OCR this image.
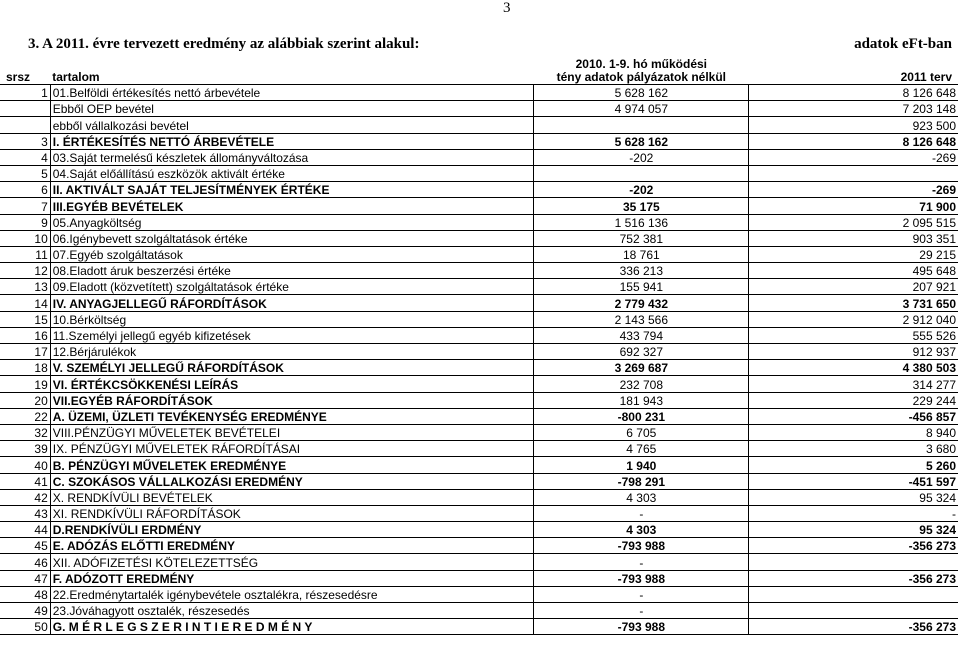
3
3. A 2011. évre tervezett eredmény az alábbiak szerint alakul:	adatok eFt-ban
srsz	tartalom	2010. 1-9. hó működési
tény adatok pályázatok nélkül	2011 terv
1	01.Belföldi értékesítés nettó árbevétele	5 628 162	8 126 648
	Ebből OEP bevétel	4 974 057	7 203 148
	ebből vállalkozási bevétel		923 500
3	I. ÉRTÉKESÍTÉS NETTÓ ÁRBEVÉTELE	5 628 162	8 126 648
4	03.Saját termelésű készletek állományváltozása	-202	-269
5	04.Saját előállítású eszközök aktivált értéke		
6	II. AKTIVÁLT SAJÁT TELJESÍTMÉNYEK ÉRTÉKE	-202	-269
7	III.EGYÉB BEVÉTELEK	35 175	71 900
9	05.Anyagköltség	1 516 136	2 095 515
10	06.Igénybevett szolgáltatások értéke	752 381	903 351
11	07.Egyéb szolgáltatások	18 761	29 215
12	08.Eladott áruk beszerzési értéke	336 213	495 648
13	09.Eladott (közvetített) szolgáltatások értéke	155 941	207 921
14	IV. ANYAGJELLEGŰ RÁFORDÍTÁSOK	2 779 432	3 731 650
15	10.Bérköltség	2 143 566	2 912 040
16	11.Személyi jellegű egyéb kifizetések	433 794	555 526
17	12.Bérjárulékok	692 327	912 937
18	V. SZEMÉLYI JELLEGŰ RÁFORDÍTÁSOK	3 269 687	4 380 503
19	VI. ÉRTÉKCSÖKKENÉSI LEÍRÁS	232 708	314 277
20	VII.EGYÉB RÁFORDÍTÁSOK	181 943	229 244
22	A. ÜZEMI, ÜZLETI TEVÉKENYSÉG EREDMÉNYE	-800 231	-456 857
32	VIII.PÉNZÜGYI MŰVELETEK BEVÉTELEI	6 705	8 940
39	IX. PÉNZÜGYI MŰVELETEK RÁFORDÍTÁSAI	4 765	3 680
40	B. PÉNZÜGYI MŰVELETEK EREDMÉNYE	1 940	5 260
41	C. SZOKÁSOS VÁLLALKOZÁSI EREDMÉNY	-798 291	-451 597
42	X. RENDKÍVÜLI BEVÉTELEK	4 303	95 324
43	XI. RENDKÍVÜLI RÁFORDÍTÁSOK	-	-
44	D.RENDKÍVÜLI ERDMÉNY	4 303	95 324
45	E. ADÓZÁS ELŐTTI EREDMÉNY	-793 988	-356 273
46	XII. ADÓFIZETÉSI KÖTELEZETTSÉG	-	
47	F. ADÓZOTT EREDMÉNY	-793 988	-356 273
48	22.Eredménytartalék igénybevétele osztalékra, részesedésre	-	
49	23.Jóváhagyott osztalék, részesedés	-	
50	G. M É R L E G S Z E R I N T I E R E D M É N Y	-793 988	-356 273
